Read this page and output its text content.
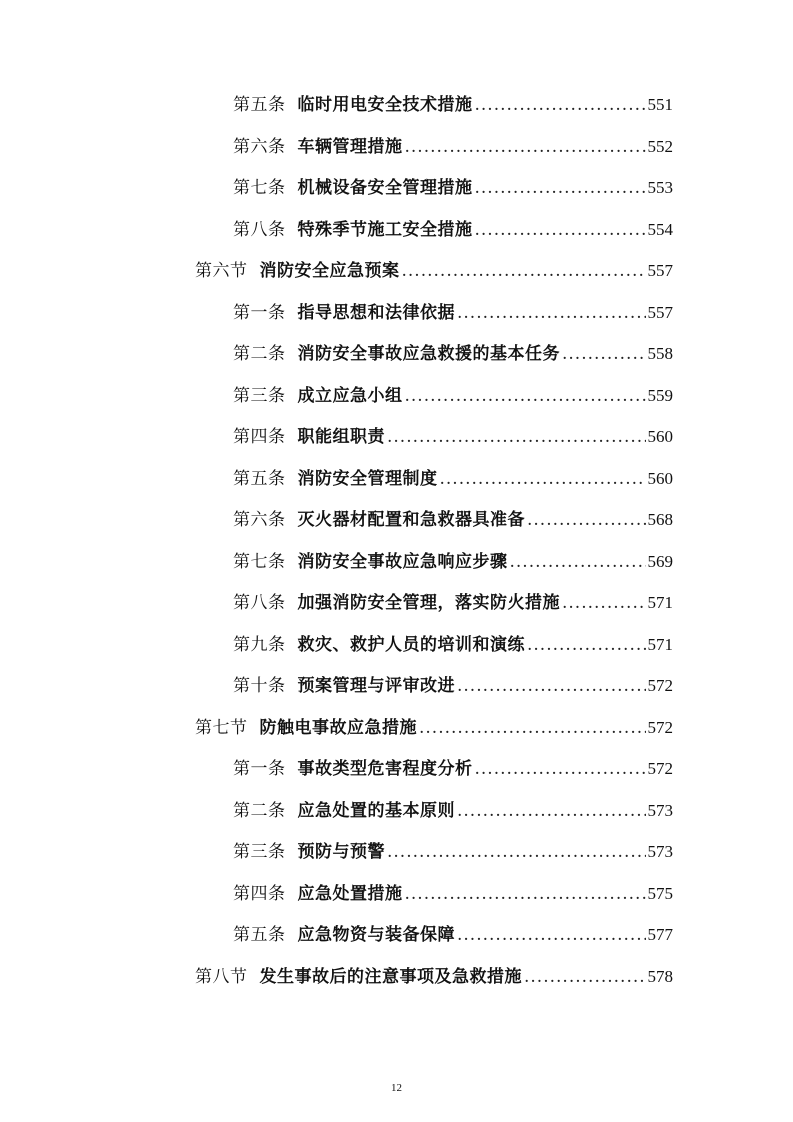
第五条 临时用电安全技术措施 .....	551
第六条 车辆管理措施 .....	552
第七条 机械设备安全管理措施 .....	553
第八条 特殊季节施工安全措施 .....	554
第六节 消防安全应急预案 .....	557
第一条 指导思想和法律依据 .....	557
第二条 消防安全事故应急救援的基本任务 .....	558
第三条 成立应急小组 .....	559
第四条 职能组职责 .....	560
第五条 消防安全管理制度 .....	560
第六条 灭火器材配置和急救器具准备 .....	568
第七条 消防安全事故应急响应步骤 .....	569
第八条 加强消防安全管理，落实防火措施 .....	571
第九条 救灾、救护人员的培训和演练 .....	571
第十条 预案管理与评审改进 .....	572
第七节 防触电事故应急措施 .....	572
第一条 事故类型危害程度分析 .....	572
第二条 应急处置的基本原则 .....	573
第三条 预防与预警 .....	573
第四条 应急处置措施 .....	575
第五条 应急物资与装备保障 .....	577
第八节 发生事故后的注意事项及急救措施 .....	578
12
